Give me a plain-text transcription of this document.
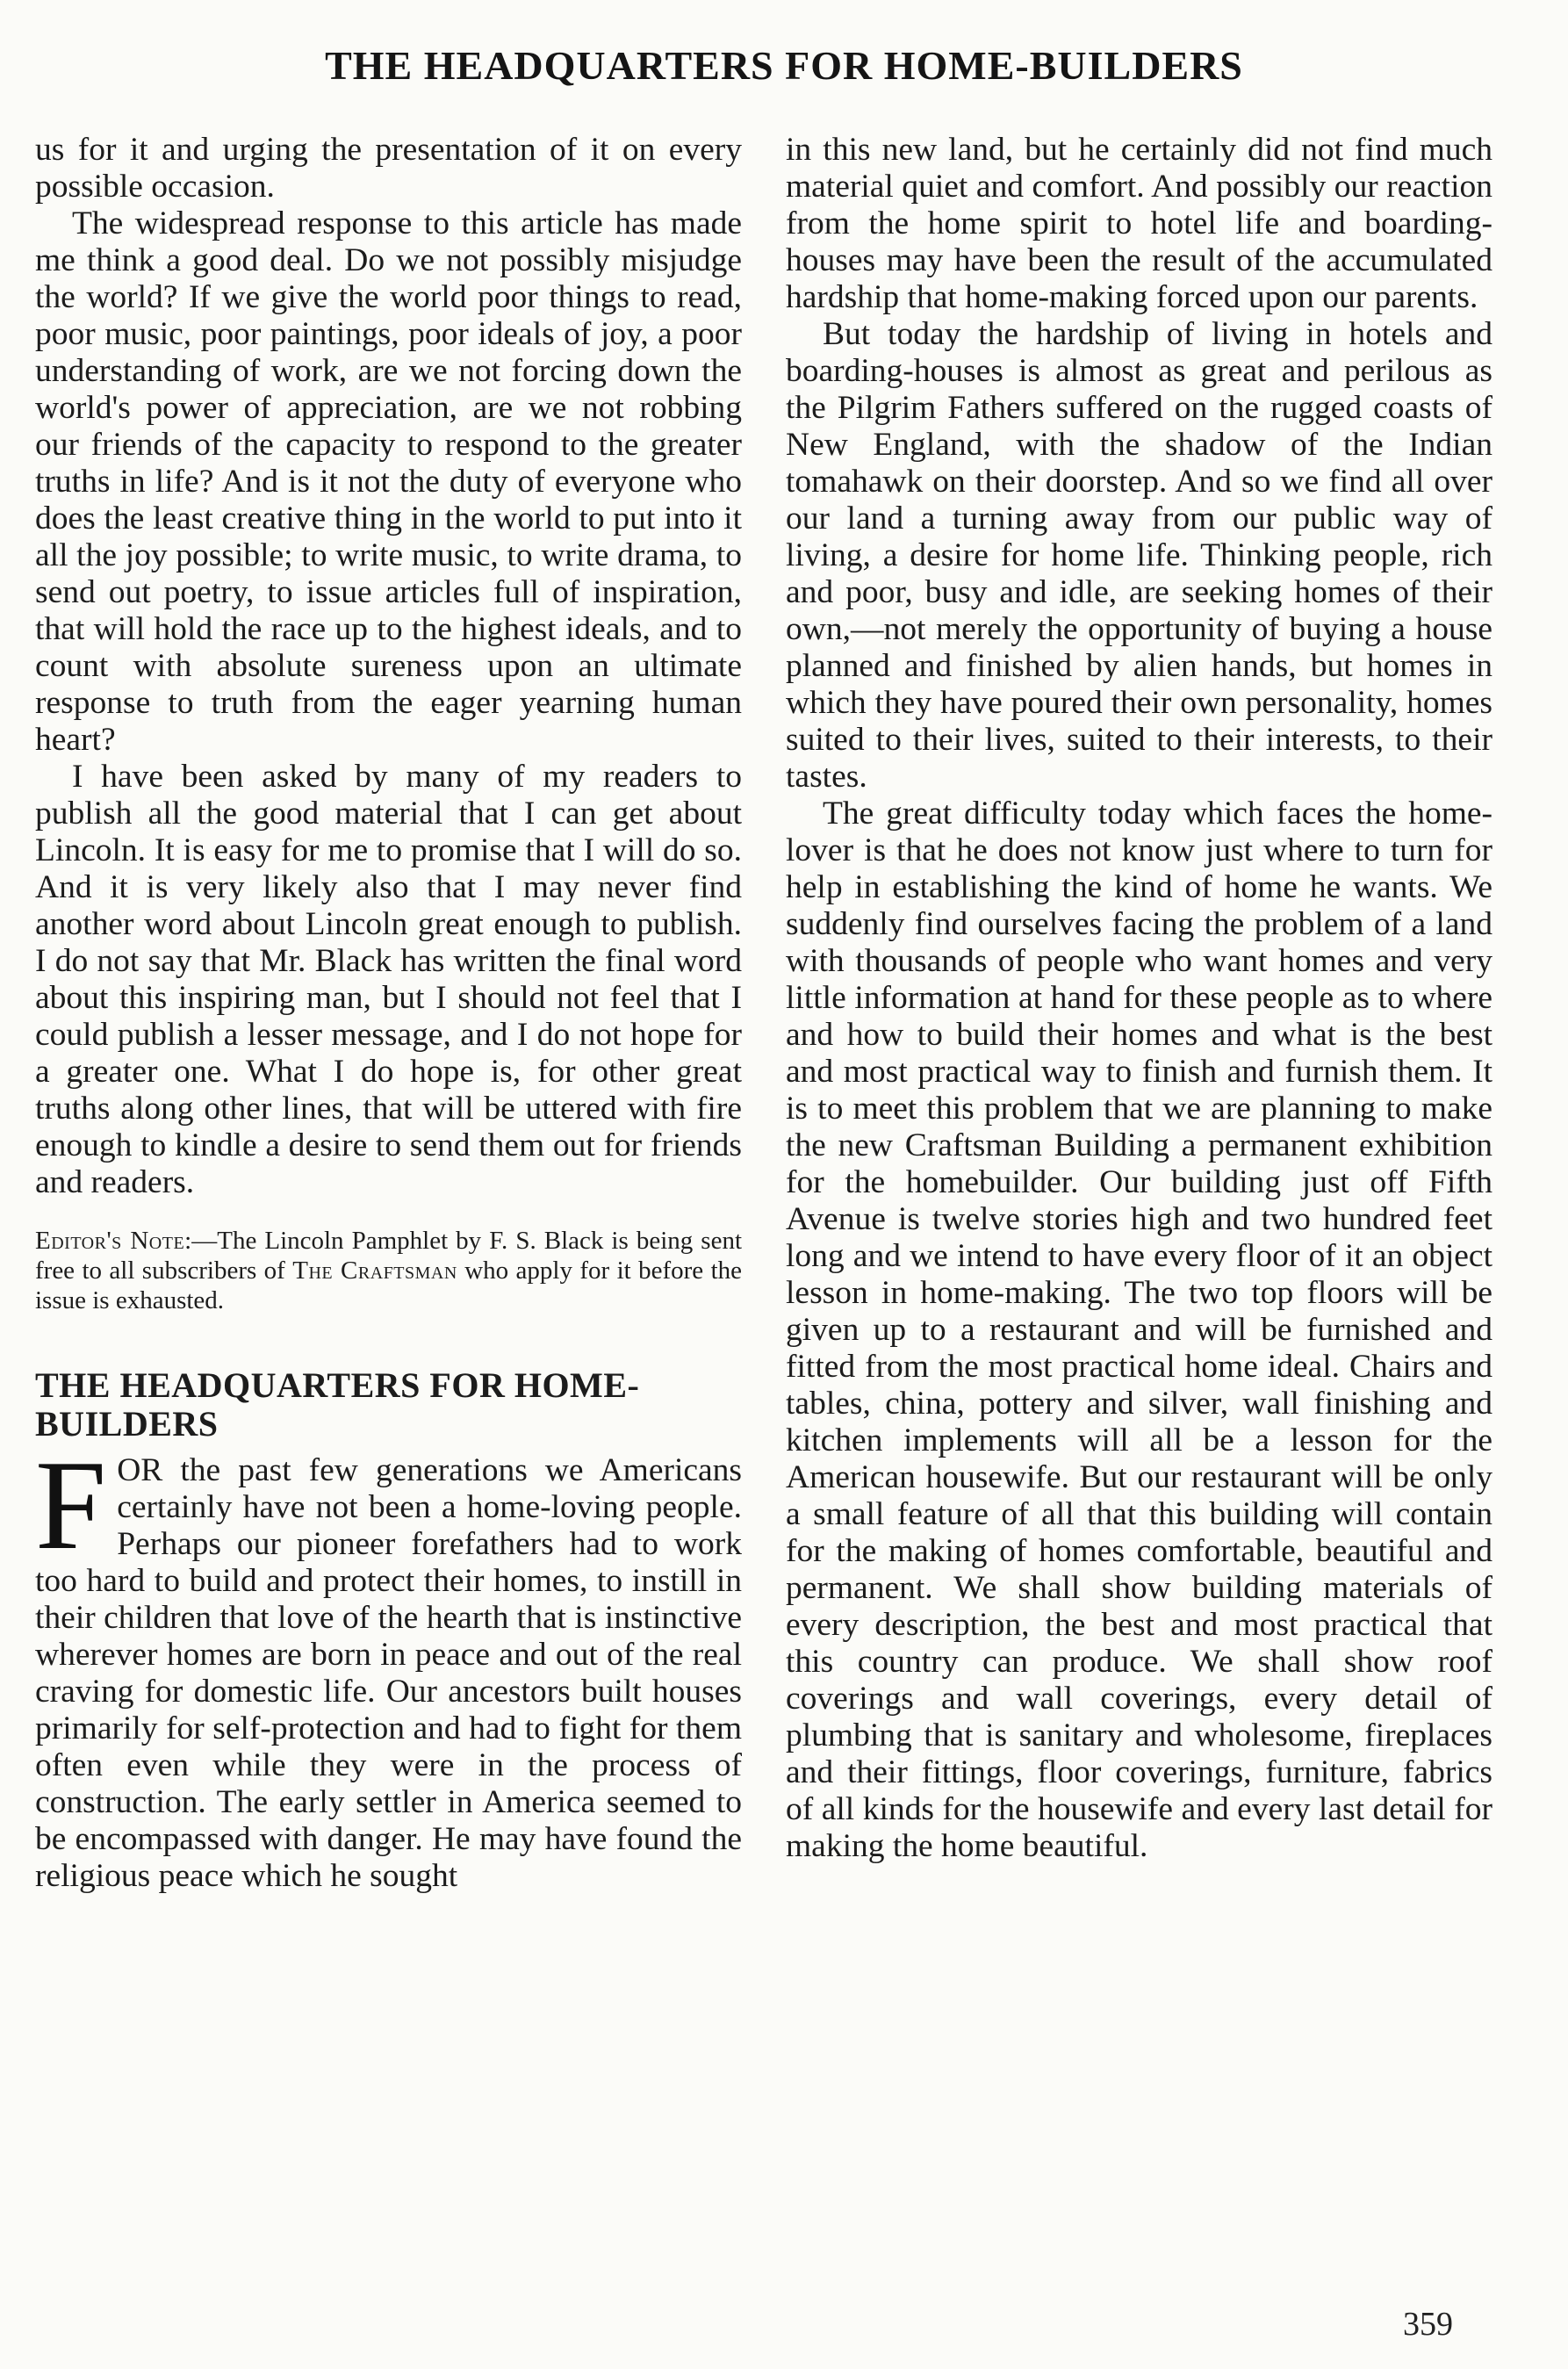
THE HEADQUARTERS FOR HOME-BUILDERS

us for it and urging the presentation of it on every possible occasion.

The widespread response to this article has made me think a good deal. Do we not possibly misjudge the world? If we give the world poor things to read, poor music, poor paintings, poor ideals of joy, a poor understanding of work, are we not forcing down the world's power of appreciation, are we not robbing our friends of the capacity to respond to the greater truths in life? And is it not the duty of everyone who does the least creative thing in the world to put into it all the joy possible; to write music, to write drama, to send out poetry, to issue articles full of inspiration, that will hold the race up to the highest ideals, and to count with absolute sureness upon an ultimate response to truth from the eager yearning human heart?

I have been asked by many of my readers to publish all the good material that I can get about Lincoln. It is easy for me to promise that I will do so. And it is very likely also that I may never find another word about Lincoln great enough to publish. I do not say that Mr. Black has written the final word about this inspiring man, but I should not feel that I could publish a lesser message, and I do not hope for a greater one. What I do hope is, for other great truths along other lines, that will be uttered with fire enough to kindle a desire to send them out for friends and readers.

Editor's Note:—The Lincoln Pamphlet by F. S. Black is being sent free to all subscribers of The Craftsman who apply for it before the issue is exhausted.
THE HEADQUARTERS FOR HOME-BUILDERS

FOR the past few generations we Americans certainly have not been a home-loving people. Perhaps our pioneer forefathers had to work too hard to build and protect their homes, to instill in their children that love of the hearth that is instinctive wherever homes are born in peace and out of the real craving for domestic life. Our ancestors built houses primarily for self-protection and had to fight for them often even while they were in the process of construction. The early settler in America seemed to be encompassed with danger. He may have found the religious peace which he sought

in this new land, but he certainly did not find much material quiet and comfort. And possibly our reaction from the home spirit to hotel life and boarding-houses may have been the result of the accumulated hardship that home-making forced upon our parents.

But today the hardship of living in hotels and boarding-houses is almost as great and perilous as the Pilgrim Fathers suffered on the rugged coasts of New England, with the shadow of the Indian tomahawk on their doorstep. And so we find all over our land a turning away from our public way of living, a desire for home life. Thinking people, rich and poor, busy and idle, are seeking homes of their own,—not merely the opportunity of buying a house planned and finished by alien hands, but homes in which they have poured their own personality, homes suited to their lives, suited to their interests, to their tastes.

The great difficulty today which faces the home-lover is that he does not know just where to turn for help in establishing the kind of home he wants. We suddenly find ourselves facing the problem of a land with thousands of people who want homes and very little information at hand for these people as to where and how to build their homes and what is the best and most practical way to finish and furnish them. It is to meet this problem that we are planning to make the new Craftsman Building a permanent exhibition for the homebuilder. Our building just off Fifth Avenue is twelve stories high and two hundred feet long and we intend to have every floor of it an object lesson in home-making. The two top floors will be given up to a restaurant and will be furnished and fitted from the most practical home ideal. Chairs and tables, china, pottery and silver, wall finishing and kitchen implements will all be a lesson for the American housewife. But our restaurant will be only a small feature of all that this building will contain for the making of homes comfortable, beautiful and permanent. We shall show building materials of every description, the best and most practical that this country can produce. We shall show roof coverings and wall coverings, every detail of plumbing that is sanitary and wholesome, fireplaces and their fittings, floor coverings, furniture, fabrics of all kinds for the housewife and every last detail for making the home beautiful.

359
